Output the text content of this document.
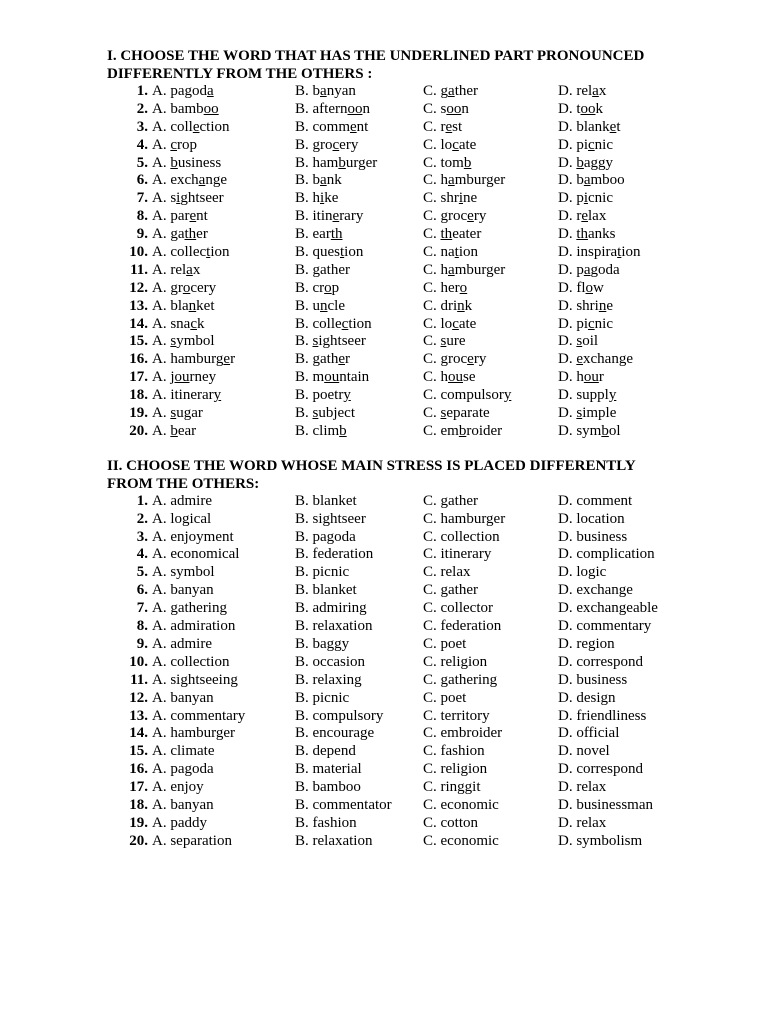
I. CHOOSE THE WORD THAT HAS THE UNDERLINED PART PRONOUNCED
DIFFERENTLY FROM THE OTHERS :
1. A. pagoda	B. banyan	C. gather	D. relax
2. A. bamboo	B. afternoon	C. soon	D. took
3. A. collection	B. comment	C. rest	D. blanket
4. A. crop	B. grocery	C. locate	D. picnic
5. A. business	B. hamburger	C. tomb	D. baggy
6. A. exchange	B. bank	C. hamburger	D. bamboo
7. A. sightseer	B. hike	C. shrine	D. picnic
8. A. parent	B. itinerary	C. grocery	D. relax
9. A. gather	B. earth	C. theater	D. thanks
10. A. collection	B. question	C. nation	D. inspiration
11. A. relax	B. gather	C. hamburger	D. pagoda
12. A. grocery	B. crop	C. hero	D. flow
13. A. blanket	B. uncle	C. drink	D. shrine
14. A. snack	B. collection	C. locate	D. picnic
15. A. symbol	B. sightseer	C. sure	D. soil
16. A. hamburger	B. gather	C. grocery	D. exchange
17. A. journey	B. mountain	C. house	D. hour
18. A. itinerary	B. poetry	C. compulsory	D. supply
19. A. sugar	B. subject	C. separate	D. simple
20. A. bear	B. climb	C. embroider	D. symbol
II. CHOOSE THE WORD WHOSE MAIN STRESS IS PLACED DIFFERENTLY
FROM THE OTHERS:
1. A. admire	B. blanket	C. gather	D. comment
2. A. logical	B. sightseer	C. hamburger	D. location
3. A. enjoyment	B. pagoda	C. collection	D. business
4. A. economical	B. federation	C. itinerary	D. complication
5. A. symbol	B. picnic	C. relax	D. logic
6. A. banyan	B. blanket	C. gather	D. exchange
7. A. gathering	B. admiring	C. collector	D. exchangeable
8. A. admiration	B. relaxation	C. federation	D. commentary
9. A. admire	B. baggy	C. poet	D. region
10. A. collection	B. occasion	C. religion	D. correspond
11. A. sightseeing	B. relaxing	C. gathering	D. business
12. A. banyan	B. picnic	C. poet	D. design
13. A. commentary	B. compulsory	C. territory	D. friendliness
14. A. hamburger	B. encourage	C. embroider	D. official
15. A. climate	B. depend	C. fashion	D. novel
16. A. pagoda	B. material	C. religion	D. correspond
17. A. enjoy	B. bamboo	C. ringgit	D. relax
18. A. banyan	B. commentator C. economic	D. businessman
19. A. paddy	B. fashion	C. cotton	D. relax
20. A. separation	B. relaxation	C. economic	D. symbolism
